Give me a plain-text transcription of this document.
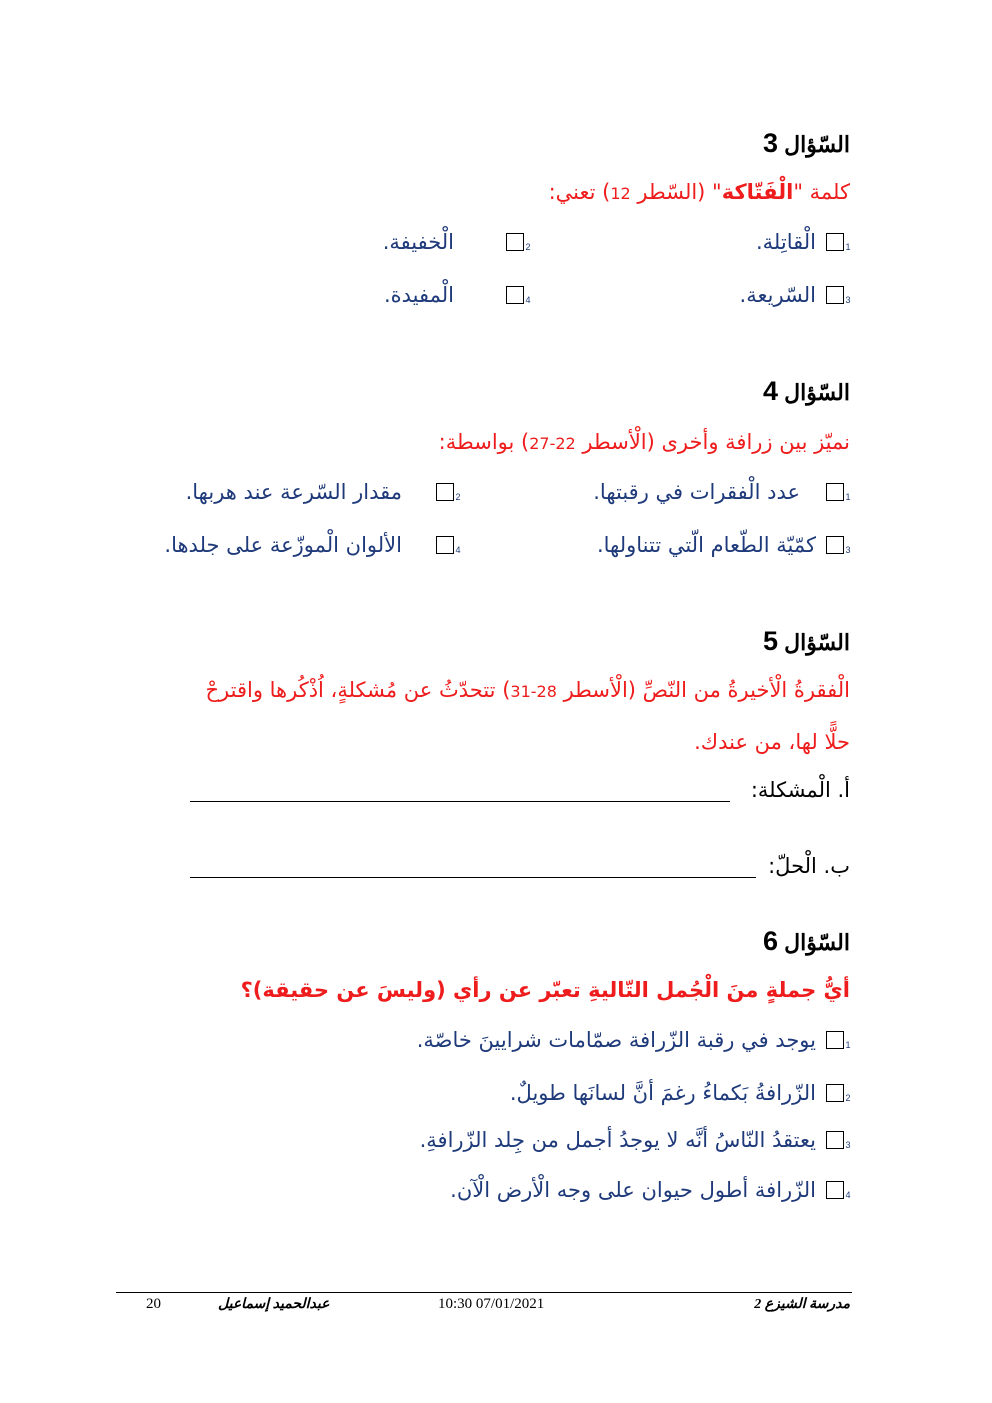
السّؤال 3
كلمة "الْفَتّاكة" (السّطر 12) تعني:
1
الْقاتِلة.
2
الْخفيفة.
3
السّريعة.
4
الْمفيدة.
السّؤال 4
نميّز بين زرافة وأخرى (الْأسطر 22-27) بواسطة:
1
عدد الْفقرات في رقبتها.
2
مقدار السّرعة عند هربها.
3
كمّيّة الطّعام الّتي تتناولها.
4
الألوان الْموزّعة على جلدها.
السّؤال 5
الْفقرةُ الْأخيرةُ من النّصِّ (الْأسطر 28-31) تتحدّثُ عن مُشكلةٍ، اُذْكُرها واقترحْ
حلًّا لها، من عندك.
أ. الْمشكلة:
ب. الْحلّ:
السّؤال 6
أيُّ جملةٍ منَ الْجُمل التّاليةِ تعبّر عن رأي (وليسَ عن حقيقة)؟
1
يوجد في رقبة الزّرافة صمّامات شرايينَ خاصّة.
2
الزّرافةُ بَكماءُ رغمَ أنَّ لسانَها طويلٌ.
3
يعتقدُ النّاسُ أنَّه لا يوجدُ أجمل من جِلد الزّرافةِ.
4
الزّرافة أطول حيوان على وجه الْأرض الْآن.
مدرسة الشيزع 2
10:30 07/01/2021
عبدالحميد إسماعيل
20
